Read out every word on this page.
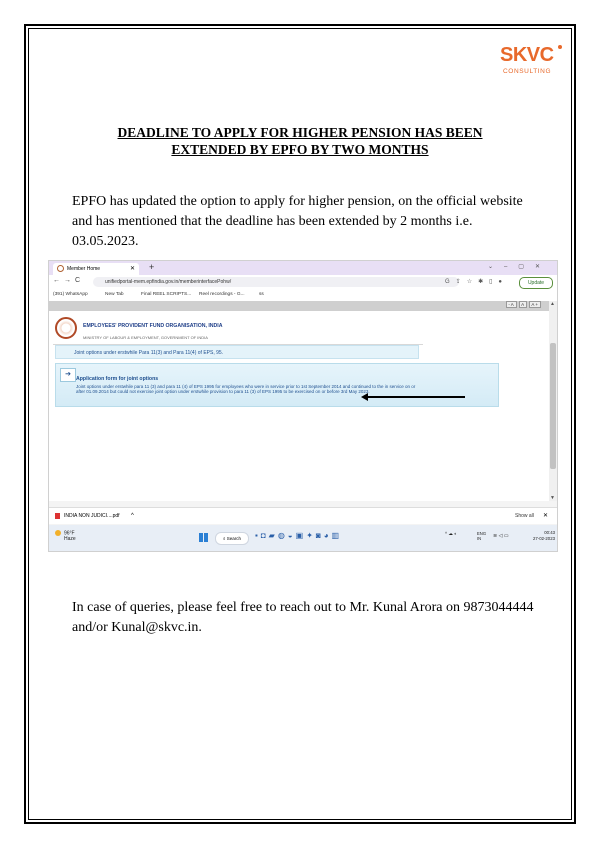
SKVC
CONSULTING
DEADLINE TO APPLY FOR HIGHER PENSION HAS BEEN
EXTENDED BY EPFO BY TWO MONTHS
EPFO has updated the option to apply for higher pension, on the official website and has mentioned that the deadline has been extended by 2 months i.e. 03.05.2023.
Member Home	✕ +	⌄–▢✕
←→C	unifiedportal-mem.epfindia.gov.in/memberinterfacePohw/	G⇪☆✱▯●	Update
(391) WhatsApp	New Tab	Final REEL SCRIPTS... Reel recordings - G...	ss
-A A A+
EMPLOYEES' PROVIDENT FUND ORGANISATION, INDIA
MINISTRY OF LABOUR & EMPLOYMENT, GOVERNMENT OF INDIA
Joint options under erstwhile Para 11(3) and Para 11(4) of EPS, 95.
➔
Application form for joint options
Joint options under erstwhile para 11 (3) and para 11 (4) of EPS 1995 for employees who were in service prior to 1st September 2014 and continued to the in service on or after 01.09.2014 but could not exercise joint option under erstwhile provision to para 11 (3) of EPS 1995 to be exercised on or before 3rd May 2023.
▲
▼
INDIA NON JUDICI....pdf ^	Show all ✕
96°F
Haze	⌕ Search	▪◘▰◍◒▣✦◙◕▥	^ ☁ ◐	ENG
IN	≋ ◁ ▭
00:43
27-02-2023
In case of queries, please feel free to reach out to Mr. Kunal Arora on 9873044444 and/or Kunal@skvc.in.
